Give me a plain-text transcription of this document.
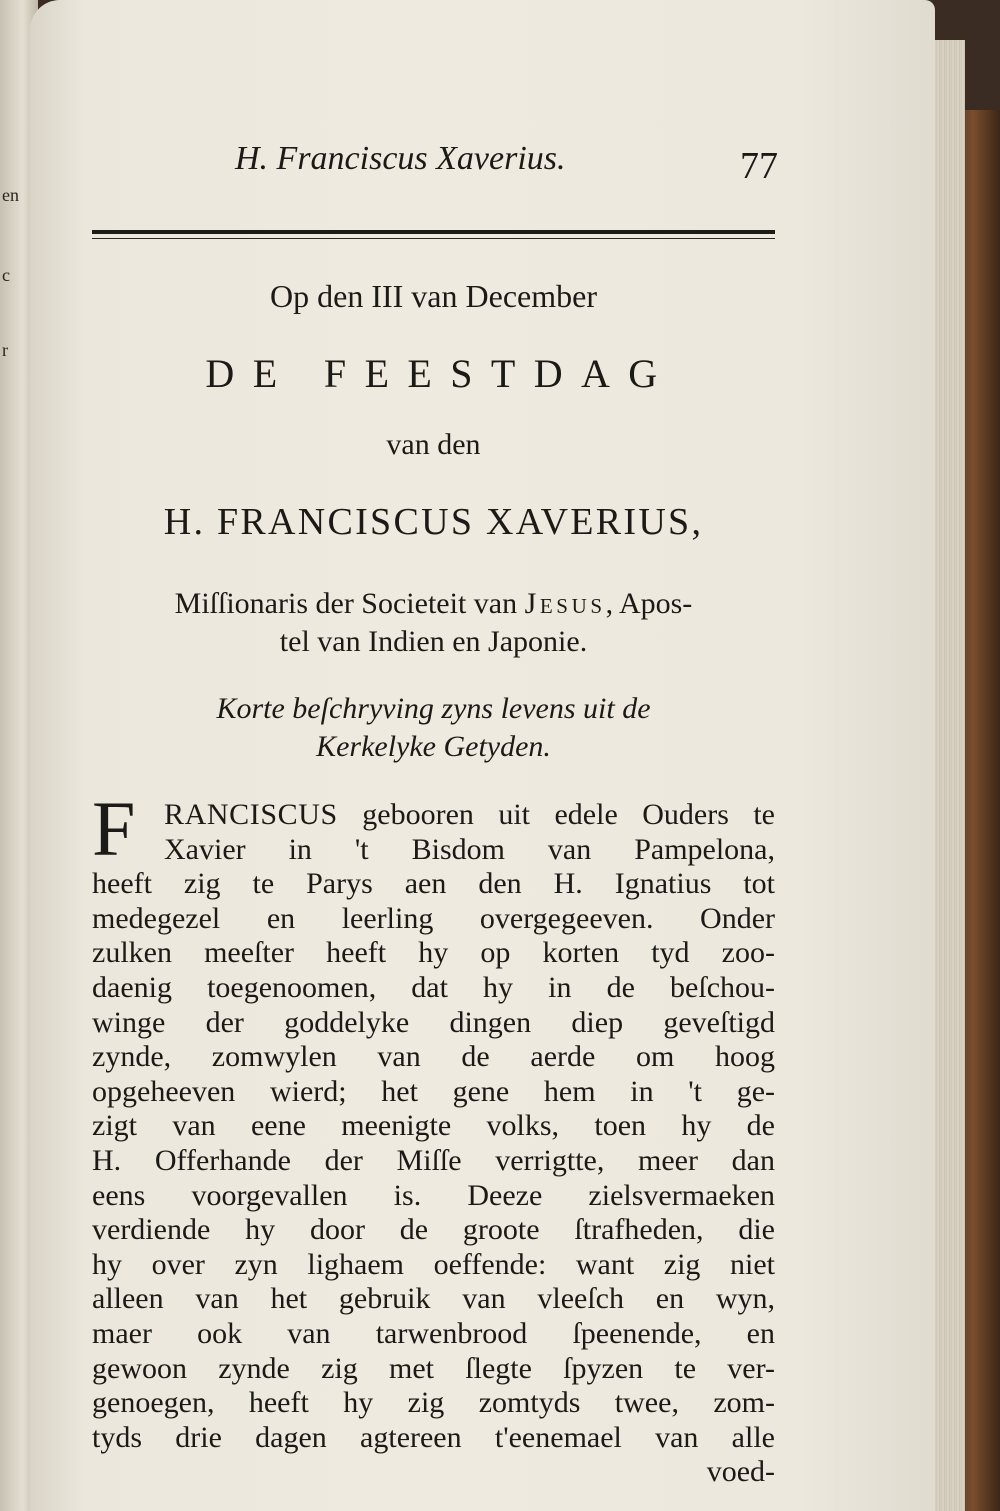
en
c
r
H. Franciscus Xaverius.	77
Op den III van December
DE FEESTDAG
van den
H. FRANCISCUS XAVERIUS,
Miſſionaris der Societeit van Jesus, Apos-
tel van Indien en Japonie.
Korte beſchryving zyns levens uit de
Kerkelyke Getyden.
F RANCISCUS gebooren uit edele Ouders te
Xavier in 't Bisdom van Pampelona,
heeft zig te Parys aen den H. Ignatius tot
medegezel en leerling overgegeeven. Onder
zulken meeſter heeft hy op korten tyd zoo-
daenig toegenoomen, dat hy in de beſchou-
winge der goddelyke dingen diep geveſtigd
zynde, zomwylen van de aerde om hoog
opgeheeven wierd; het gene hem in 't ge-
zigt van eene meenigte volks, toen hy de
H. Offerhande der Miſſe verrigtte, meer dan
eens voorgevallen is. Deeze zielsvermaeken
verdiende hy door de groote ſtrafheden, die
hy over zyn lighaem oeffende: want zig niet
alleen van het gebruik van vleeſch en wyn,
maer ook van tarwenbrood ſpeenende, en
gewoon zynde zig met ſlegte ſpyzen te ver-
genoegen, heeft hy zig zomtyds twee, zom-
tyds drie dagen agtereen t'eenemael van alle
voed-
